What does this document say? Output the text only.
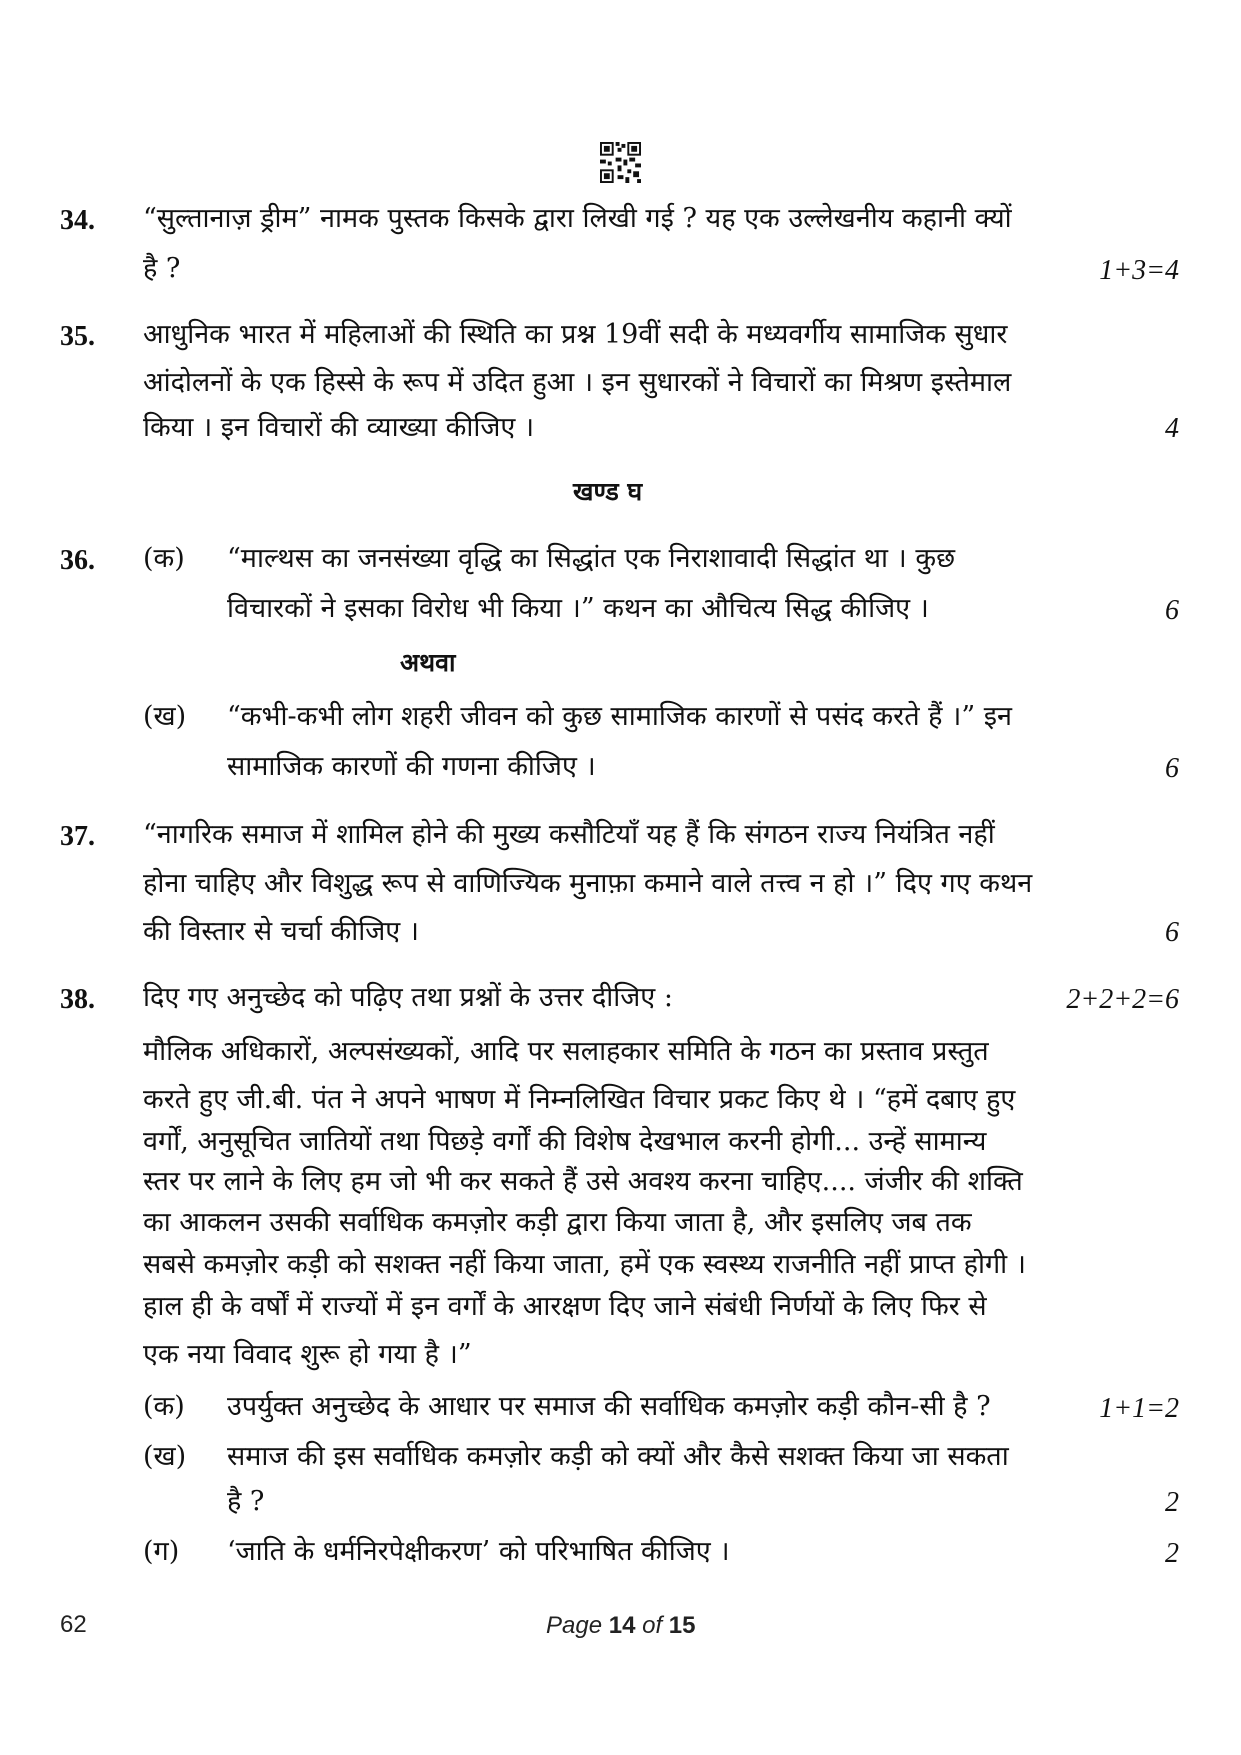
34. “सुल्तानाज़ ड्रीम” नामक पुस्तक किसके द्वारा लिखी गई ? यह एक उल्लेखनीय कहानी क्यों
है ?	1+3=4
35. आधुनिक भारत में महिलाओं की स्थिति का प्रश्न 19वीं सदी के मध्यवर्गीय सामाजिक सुधार
आंदोलनों के एक हिस्से के रूप में उदित हुआ । इन सुधारकों ने विचारों का मिश्रण इस्तेमाल
किया । इन विचारों की व्याख्या कीजिए ।	4
खण्ड घ
36. (क) “माल्थस का जनसंख्या वृद्धि का सिद्धांत एक निराशावादी सिद्धांत था । कुछ
विचारकों ने इसका विरोध भी किया ।” कथन का औचित्य सिद्ध कीजिए ।	6
अथवा
(ख) “कभी-कभी लोग शहरी जीवन को कुछ सामाजिक कारणों से पसंद करते हैं ।” इन
सामाजिक कारणों की गणना कीजिए ।	6
37. “नागरिक समाज में शामिल होने की मुख्य कसौटियाँ यह हैं कि संगठन राज्य नियंत्रित नहीं
होना चाहिए और विशुद्ध रूप से वाणिज्यिक मुनाफ़ा कमाने वाले तत्त्व न हो ।” दिए गए कथन
की विस्तार से चर्चा कीजिए ।	6
38. दिए गए अनुच्छेद को पढ़िए तथा प्रश्नों के उत्तर दीजिए :	2+2+2=6
मौलिक अधिकारों, अल्पसंख्यकों, आदि पर सलाहकार समिति के गठन का प्रस्ताव प्रस्तुत
करते हुए जी.बी. पंत ने अपने भाषण में निम्नलिखित विचार प्रकट किए थे । “हमें दबाए हुए
वर्गों, अनुसूचित जातियों तथा पिछड़े वर्गों की विशेष देखभाल करनी होगी... उन्हें सामान्य
स्तर पर लाने के लिए हम जो भी कर सकते हैं उसे अवश्य करना चाहिए.... जंजीर की शक्ति
का आकलन उसकी सर्वाधिक कमज़ोर कड़ी द्वारा किया जाता है, और इसलिए जब तक
सबसे कमज़ोर कड़ी को सशक्त नहीं किया जाता, हमें एक स्वस्थ्य राजनीति नहीं प्राप्त होगी ।
हाल ही के वर्षों में राज्यों में इन वर्गों के आरक्षण दिए जाने संबंधी निर्णयों के लिए फिर से
एक नया विवाद शुरू हो गया है ।”
(क) उपर्युक्त अनुच्छेद के आधार पर समाज की सर्वाधिक कमज़ोर कड़ी कौन-सी है ?	1+1=2
(ख) समाज की इस सर्वाधिक कमज़ोर कड़ी को क्यों और कैसे सशक्त किया जा सकता
है ?	2
(ग) ‘जाति के धर्मनिरपेक्षीकरण’ को परिभाषित कीजिए ।	2
62	Page 14 of 15
